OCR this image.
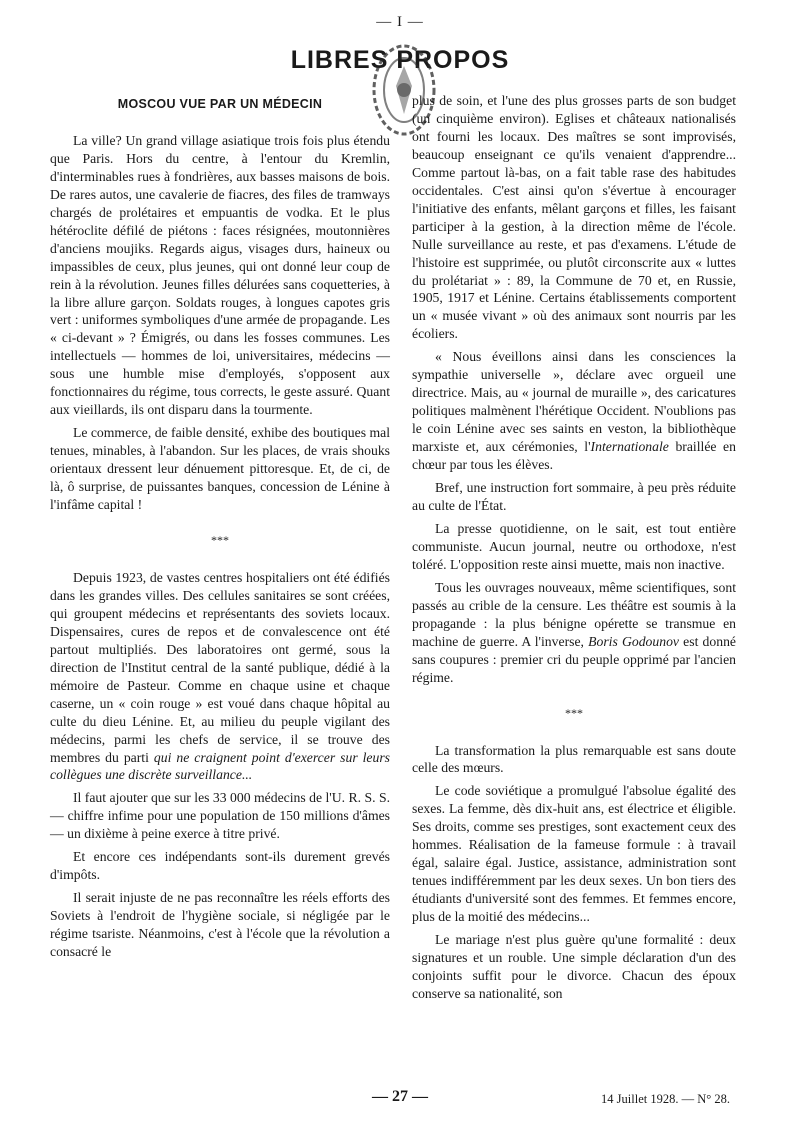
— I —
LIBRES PROPOS
MOSCOU VUE PAR UN MÉDECIN

La ville? Un grand village asiatique trois fois plus étendu que Paris. Hors du centre, à l'entour du Kremlin, d'interminables rues à fondrières, aux basses maisons de bois. De rares autos, une cavalerie de fiacres, des files de tramways chargés de prolétaires et empuantis de vodka. Et le plus hétéroclite défilé de piétons : faces résignées, moutonnières d'anciens moujiks. Regards aigus, visages durs, haineux ou impassibles de ceux, plus jeunes, qui ont donné leur coup de rein à la révolution. Jeunes filles délurées sans coquetteries, à la libre allure garçon. Soldats rouges, à longues capotes gris vert : uniformes symboliques d'une armée de propagande. Les « ci-devant » ? Émigrés, ou dans les fosses communes. Les intellectuels — hommes de loi, universitaires, médecins — sous une humble mise d'employés, s'opposent aux fonctionnaires du régime, tous corrects, le geste assuré. Quant aux vieillards, ils ont disparu dans la tourmente.

Le commerce, de faible densité, exhibe des boutiques mal tenues, minables, à l'abandon. Sur les places, de vrais shouks orientaux dressent leur dénuement pittoresque. Et, de ci, de là, ô surprise, de puissantes banques, concession de Lénine à l'infâme capital !

***

Depuis 1923, de vastes centres hospitaliers ont été édifiés dans les grandes villes. Des cellules sanitaires se sont créées, qui groupent médecins et représentants des soviets locaux. Dispensaires, cures de repos et de convalescence ont été partout multipliés. Des laboratoires ont germé, sous la direction de l'Institut central de la santé publique, dédié à la mémoire de Pasteur. Comme en chaque usine et chaque caserne, un « coin rouge » est voué dans chaque hôpital au culte du dieu Lénine. Et, au milieu du peuple vigilant des médecins, parmi les chefs de service, il se trouve des membres du parti qui ne craignent point d'exercer sur leurs collègues une discrète surveillance...

Il faut ajouter que sur les 33 000 médecins de l'U. R. S. S. — chiffre infime pour une population de 150 millions d'âmes — un dixième à peine exerce à titre privé.

Et encore ces indépendants sont-ils durement grevés d'impôts.

Il serait injuste de ne pas reconnaître les réels efforts des Soviets à l'endroit de l'hygiène sociale, si négligée par le régime tsariste. Néanmoins, c'est à l'école que la révolution a consacré le

plus de soin, et l'une des plus grosses parts de son budget (un cinquième environ). Eglises et châteaux nationalisés ont fourni les locaux. Des maîtres se sont improvisés, beaucoup enseignant ce qu'ils venaient d'apprendre... Comme partout là-bas, on a fait table rase des habitudes occidentales. C'est ainsi qu'on s'évertue à encourager l'initiative des enfants, mêlant garçons et filles, les faisant participer à la gestion, à la direction même de l'école. Nulle surveillance au reste, et pas d'examens. L'étude de l'histoire est supprimée, ou plutôt circonscrite aux « luttes du prolétariat » : 89, la Commune de 70 et, en Russie, 1905, 1917 et Lénine. Certains établissements comportent un « musée vivant » où des animaux sont nourris par les écoliers.

« Nous éveillons ainsi dans les consciences la sympathie universelle », déclare avec orgueil une directrice. Mais, au « journal de muraille », des caricatures politiques malmènent l'hérétique Occident. N'oublions pas le coin Lénine avec ses saints en veston, la bibliothèque marxiste et, aux cérémonies, l'Internationale braillée en chœur par tous les élèves.

Bref, une instruction fort sommaire, à peu près réduite au culte de l'État.

La presse quotidienne, on le sait, est tout entière communiste. Aucun journal, neutre ou orthodoxe, n'est toléré. L'opposition reste ainsi muette, mais non inactive.

Tous les ouvrages nouveaux, même scientifiques, sont passés au crible de la censure. Les théâtre est soumis à la propagande : la plus bénigne opérette se transmue en machine de guerre. A l'inverse, Boris Godounov est donné sans coupures : premier cri du peuple opprimé par l'ancien régime.

***

La transformation la plus remarquable est sans doute celle des mœurs.

Le code soviétique a promulgué l'absolue égalité des sexes. La femme, dès dix-huit ans, est électrice et éligible. Ses droits, comme ses prestiges, sont exactement ceux des hommes. Réalisation de la fameuse formule : à travail égal, salaire égal. Justice, assistance, administration sont tenues indifféremment par les deux sexes. Un bon tiers des étudiants d'université sont des femmes. Et femmes encore, plus de la moitié des médecins...

Le mariage n'est plus guère qu'une formalité : deux signatures et un rouble. Une simple déclaration d'un des conjoints suffit pour le divorce. Chacun des époux conserve sa nationalité, son

— 27 —	14 Juillet 1928. — N° 28.
